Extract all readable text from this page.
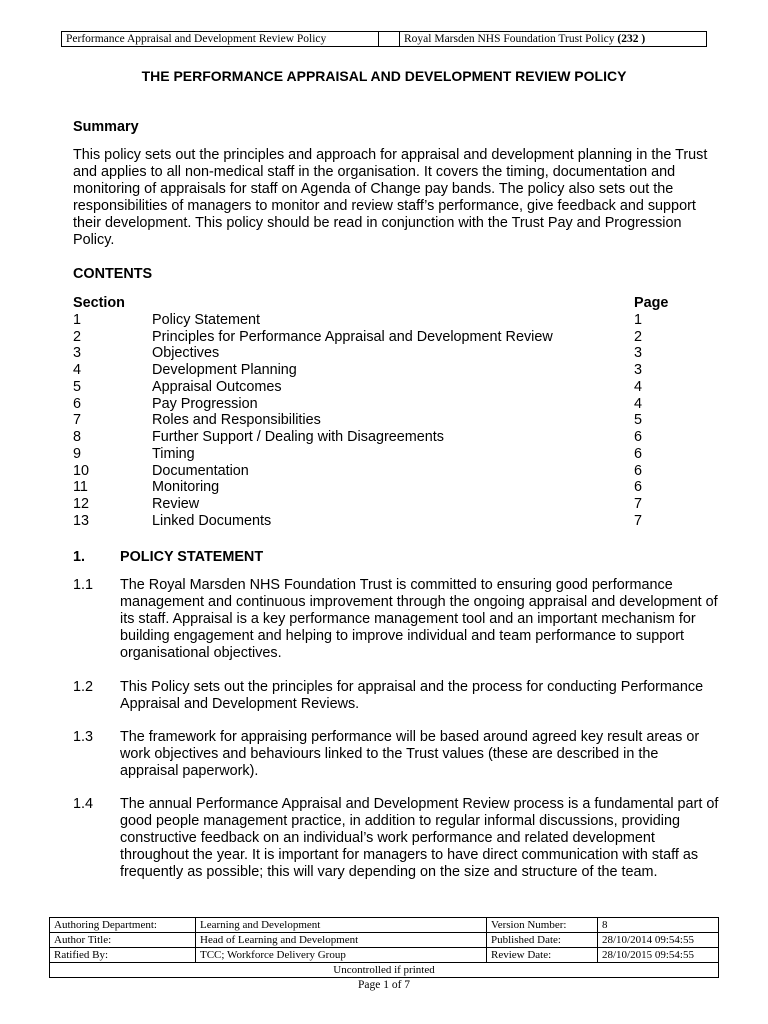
Performance Appraisal and Development Review Policy		Royal Marsden NHS Foundation Trust Policy (232 )
THE PERFORMANCE APPRAISAL AND DEVELOPMENT REVIEW POLICY
Summary

This policy sets out the principles and approach for appraisal and development planning in the Trust and applies to all non-medical staff in the organisation. It covers the timing, documentation and monitoring of appraisals for staff on Agenda of Change pay bands. The policy also sets out the responsibilities of managers to monitor and review staff’s performance, give feedback and support their development. This policy should be read in conjunction with the Trust Pay and Progression Policy.

CONTENTS
Section	Page
1	Policy Statement	1
2	Principles for Performance Appraisal and Development Review	2
3	Objectives	3
4	Development Planning	3
5	Appraisal Outcomes	4
6	Pay Progression	4
7	Roles and Responsibilities	5
8	Further Support / Dealing with Disagreements	6
9	Timing	6
10	Documentation	6
11	Monitoring	6
12	Review	7
13	Linked Documents	7
1. POLICY STATEMENT
1.1 The Royal Marsden NHS Foundation Trust is committed to ensuring good performance management and continuous improvement through the ongoing appraisal and development of its staff. Appraisal is a key performance management tool and an important mechanism for building engagement and helping to improve individual and team performance to support organisational objectives.

1.2 This Policy sets out the principles for appraisal and the process for conducting Performance Appraisal and Development Reviews.

1.3 The framework for appraising performance will be based around agreed key result areas or work objectives and behaviours linked to the Trust values (these are described in the appraisal paperwork).

1.4 The annual Performance Appraisal and Development Review process is a fundamental part of good people management practice, in addition to regular informal discussions, providing constructive feedback on an individual’s work performance and related development throughout the year. It is important for managers to have direct communication with staff as frequently as possible; this will vary depending on the size and structure of the team.

Authoring Department:	Learning and Development	Version Number:	8
Author Title:	Head of Learning and Development	Published Date:	28/10/2014 09:54:55
Ratified By:	TCC; Workforce Delivery Group	Review Date:	28/10/2015 09:54:55
Uncontrolled if printed			
Page 1 of 7
